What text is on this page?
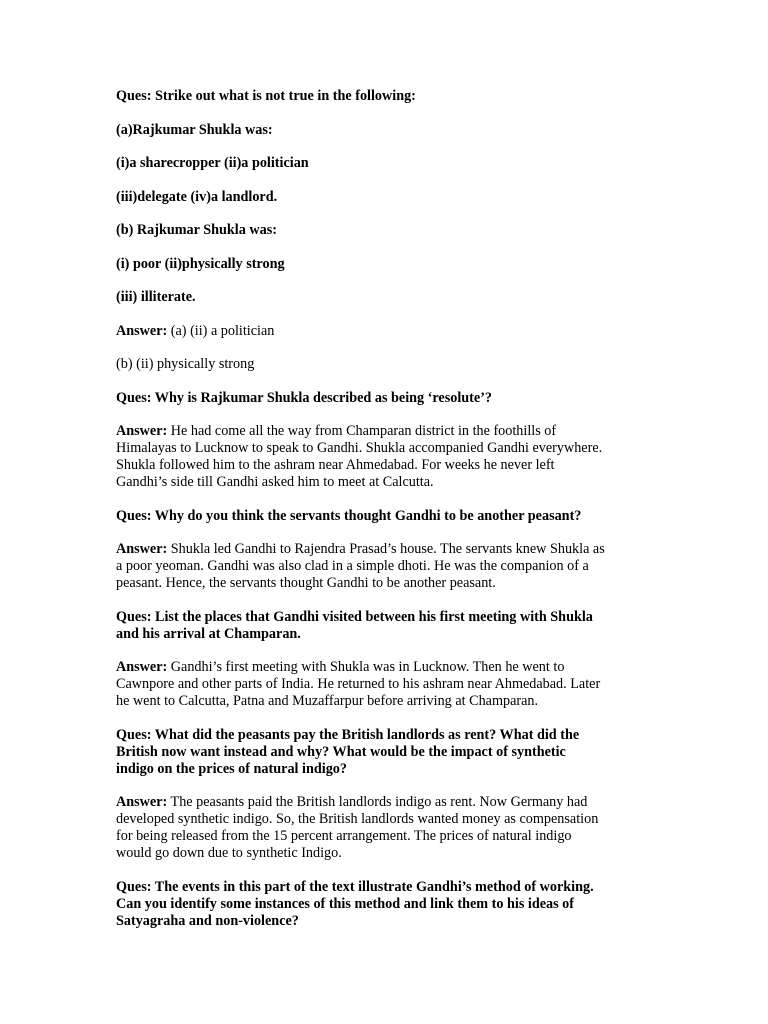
Ques: Strike out what is not true in the following:
(a)Rajkumar Shukla was:
(i)a sharecropper (ii)a politician
(iii)delegate (iv)a landlord.
(b) Rajkumar Shukla was:
(i) poor (ii)physically strong
(iii) illiterate.
Answer: (a) (ii) a politician
(b) (ii) physically strong
Ques: Why is Rajkumar Shukla described as being ‘resolute’?
Answer: He had come all the way from Champaran district in the foothills of
Himalayas to Lucknow to speak to Gandhi. Shukla accompanied Gandhi everywhere.
Shukla followed him to the ashram near Ahmedabad. For weeks he never left
Gandhi’s side till Gandhi asked him to meet at Calcutta.
Ques: Why do you think the servants thought Gandhi to be another peasant?
Answer: Shukla led Gandhi to Rajendra Prasad’s house. The servants knew Shukla as
a poor yeoman. Gandhi was also clad in a simple dhoti. He was the companion of a
peasant. Hence, the servants thought Gandhi to be another peasant.
Ques: List the places that Gandhi visited between his first meeting with Shukla
and his arrival at Champaran.
Answer: Gandhi’s first meeting with Shukla was in Lucknow. Then he went to
Cawnpore and other parts of India. He returned to his ashram near Ahmedabad. Later
he went to Calcutta, Patna and Muzaffarpur before arriving at Champaran.
Ques: What did the peasants pay the British landlords as rent? What did the
British now want instead and why? What would be the impact of synthetic
indigo on the prices of natural indigo?
Answer: The peasants paid the British landlords indigo as rent. Now Germany had
developed synthetic indigo. So, the British landlords wanted money as compensation
for being released from the 15 percent arrangement. The prices of natural indigo
would go down due to synthetic Indigo.
Ques: The events in this part of the text illustrate Gandhi’s method of working.
Can you identify some instances of this method and link them to his ideas of
Satyagraha and non-violence?
